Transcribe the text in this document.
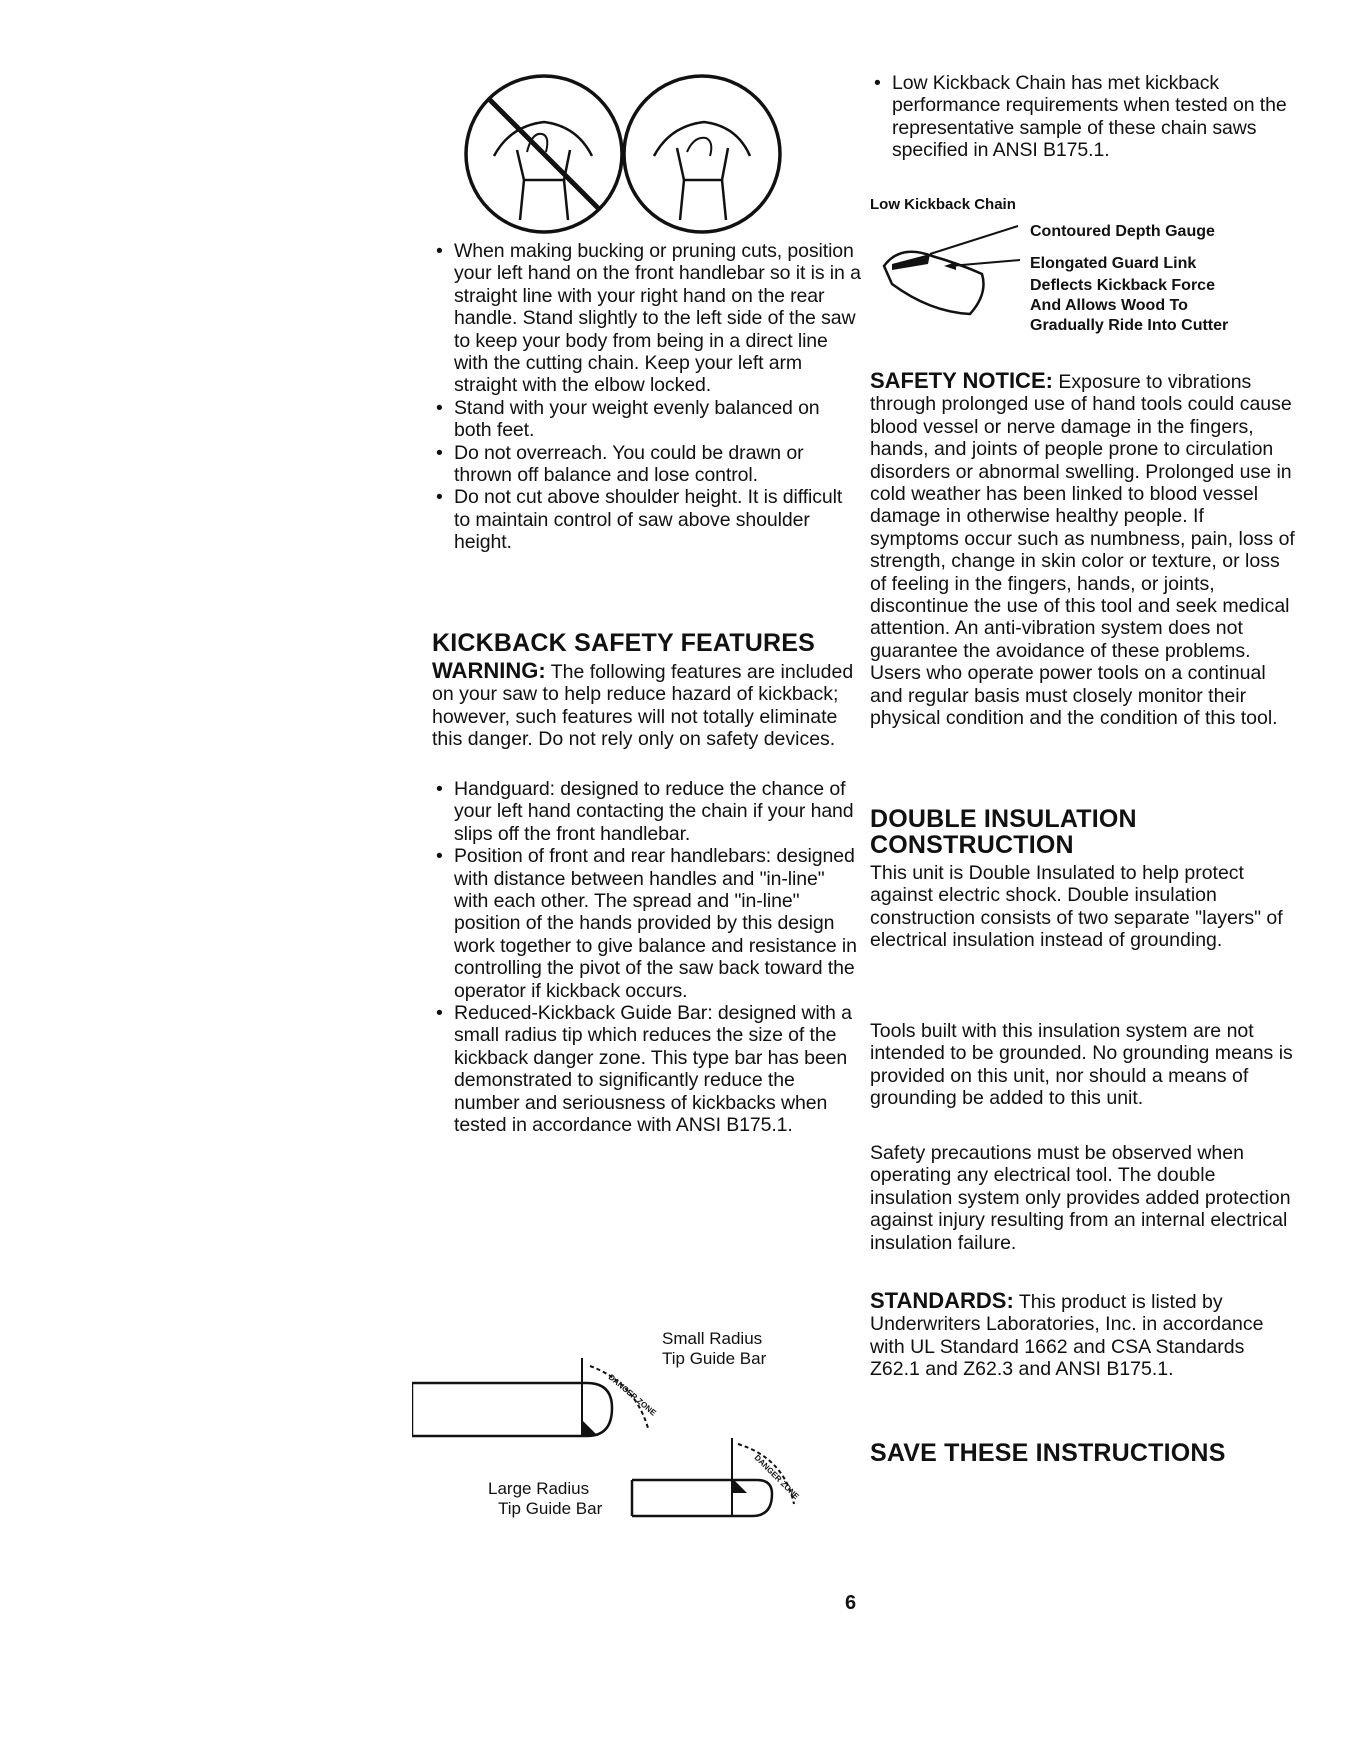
• When making bucking or pruning cuts, position your left hand on the front handlebar so it is in a straight line with your right hand on the rear handle. Stand slightly to the left side of the saw to keep your body from being in a direct line with the cutting chain. Keep your left arm straight with the elbow locked.
• Stand with your weight evenly balanced on both feet.
• Do not overreach. You could be drawn or thrown off balance and lose control.
• Do not cut above shoulder height. It is difficult to maintain control of saw above shoulder height.
KICKBACK SAFETY FEATURES

WARNING: The following features are included on your saw to help reduce hazard of kickback; however, such features will not totally eliminate this danger. Do not rely only on safety devices.

• Handguard: designed to reduce the chance of your left hand contacting the chain if your hand slips off the front handlebar.
• Position of front and rear handlebars: designed with distance between handles and "in-line" with each other. The spread and "in-line" position of the hands provided by this design work together to give balance and resistance in controlling the pivot of the saw back toward the operator if kickback occurs.
• Reduced-Kickback Guide Bar: designed with a small radius tip which reduces the size of the kickback danger zone. This type bar has been demonstrated to significantly reduce the number and seriousness of kickbacks when tested in accordance with ANSI B175.1.
Small Radius
Tip Guide Bar
Large Radius
Tip Guide Bar
DANGER ZONE
DANGER ZONE
• Low Kickback Chain has met kickback performance requirements when tested on the representative sample of these chain saws specified in ANSI B175.1.
Low Kickback Chain
Contoured Depth Gauge
Elongated Guard Link
Deflects Kickback Force
And Allows Wood To
Gradually Ride Into Cutter

SAFETY NOTICE: Exposure to vibrations through prolonged use of hand tools could cause blood vessel or nerve damage in the fingers, hands, and joints of people prone to circulation disorders or abnormal swelling. Prolonged use in cold weather has been linked to blood vessel damage in otherwise healthy people. If symptoms occur such as numbness, pain, loss of strength, change in skin color or texture, or loss of feeling in the fingers, hands, or joints, discontinue the use of this tool and seek medical attention. An anti-vibration system does not guarantee the avoidance of these problems. Users who operate power tools on a continual and regular basis must closely monitor their physical condition and the condition of this tool.

DOUBLE INSULATION
CONSTRUCTION

This unit is Double Insulated to help protect against electric shock. Double insulation construction consists of two separate "layers" of electrical insulation instead of grounding.

Tools built with this insulation system are not intended to be grounded. No grounding means is provided on this unit, nor should a means of grounding be added to this unit.

Safety precautions must be observed when operating any electrical tool. The double insulation system only provides added protection against injury resulting from an internal electrical insulation failure.

STANDARDS: This product is listed by Underwriters Laboratories, Inc. in accordance with UL Standard 1662 and CSA Standards Z62.1 and Z62.3 and ANSI B175.1.

SAVE THESE INSTRUCTIONS
6
